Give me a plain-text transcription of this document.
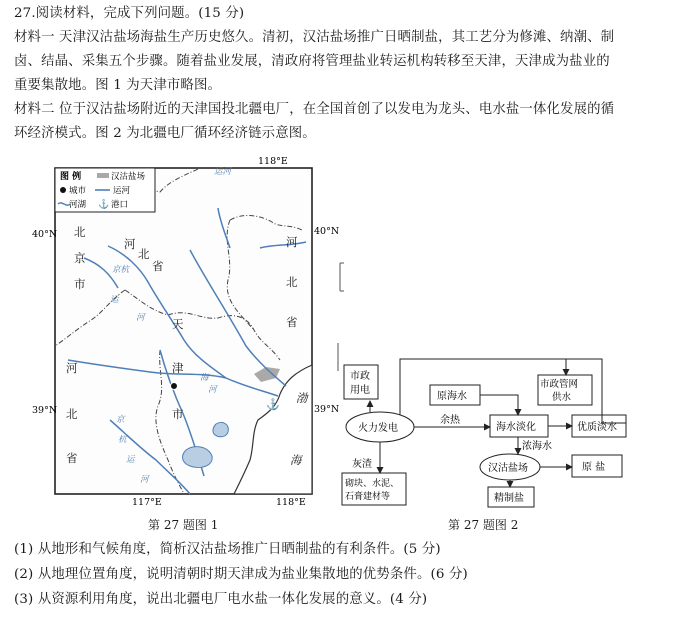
27.阅读材料，完成下列问题。(15 分)
材料一 天津汉沽盐场海盐生产历史悠久。清初，汉沽盐场推广日晒制盐，其工艺分为修滩、纳潮、制
卤、结晶、采集五个步骤。随着盐业发展，清政府将管理盐业转运机构转移至天津，天津成为盐业的
重要集散地。图 1 为天津市略图。
材料二 位于汉沽盐场附近的天津国投北疆电厂，在全国首创了以发电为龙头、电水盐一体化发展的循
环经济模式。图 2 为北疆电厂循环经济链示意图。
118°E
40°N	40°N
39°N	39°N
117°E	118°E
⚓
图 例	汉沽盐场
城市	运河
河湖 ⚓ 港口
北
京
市
河
北
省
河
北
省
河
北
省
天
津
市
渤
海
运河
京杭
运
河
海
河
京
杭
运
河
第 27 题图 1
市政
用电
原海水
市政管网
供水
火力发电	海水淡化	优质淡水
汉沽盐场	原 盐
砌块、水泥、
石膏建材等	精制盐
余热
浓海水
灰渣
第 27 题图 2
(1) 从地形和气候角度，简析汉沽盐场推广日晒制盐的有利条件。(5 分)
(2) 从地理位置角度，说明清朝时期天津成为盐业集散地的优势条件。(6 分)
(3) 从资源利用角度，说出北疆电厂电水盐一体化发展的意义。(4 分)
